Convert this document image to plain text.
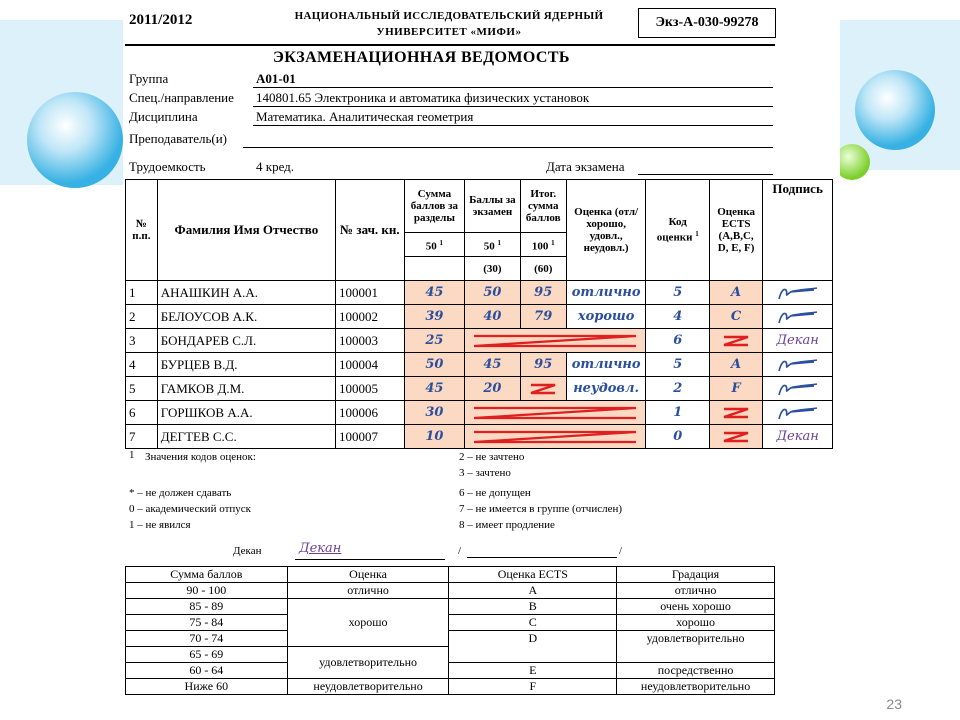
2011/2012	НАЦИОНАЛЬНЫЙ ИССЛЕДОВАТЕЛЬСКИЙ ЯДЕРНЫЙ
УНИВЕРСИТЕТ «МИФИ»
Экз-А-030-99278
ЭКЗАМЕНАЦИОННАЯ ВЕДОМОСТЬ
Группа	А01-01
Спец./направление 140801.65 Электроника и автоматика физических установок
Дисциплина	Математика. Аналитическая геометрия
Преподаватель(и)
Трудоемкость	4 кред.	Дата экзамена
№ п.п.	Фамилия Имя Отчество	№ зач. кн.	Сумма баллов за разделы	Баллы за экзамен	Итог. сумма баллов	Оценка (отл/ хорошо, удовл., неудовл.)	Код оценки $^1$	Оценка ECTS (A,B,C, D, E, F)	Подпись
			50 $^1$	50 $^1$	100 $^1$
				(30)	(60)				
1	АНАШКИН А.А.	100001	45	50	95	отлично	5	A	

2	БЕЛОУСОВ А.К.	100002	39	40	79	хорошо	4	C	

3	БОНДАРЕВ С.Л.	100003	25				6		Декан
4	БУРЦЕВ В.Д.	100004	50	45	95	отлично	5	A	

5	ГАМКОВ Д.М.	100005	45	20		неудовл.	2	F	

6	ГОРШКОВ А.А.	100006	30				1	

7	ДЕГТЕВ С.С.	100007	10				0		Декан
1 Значения кодов оценок:	2 – не зачтено
3 – зачтено
* – не должен сдавать
0 – академический отпуск
1 – не явился
6 – не допущен
7 – не имеется в группе (отчислен)
8 – имеет продление
Декан	Декан	/	/
Сумма баллов	Оценка	Оценка ECTS	Градация
90 - 100	отлично	A	отлично
85 - 89	хорошо	B	очень хорошо
75 - 84		C	хорошо
70 - 74		D	удовлетворительно
65 - 69	удовлетворительно		
60 - 64		E	посредственно
Ниже 60	неудовлетворительно	F	неудовлетворительно
23
